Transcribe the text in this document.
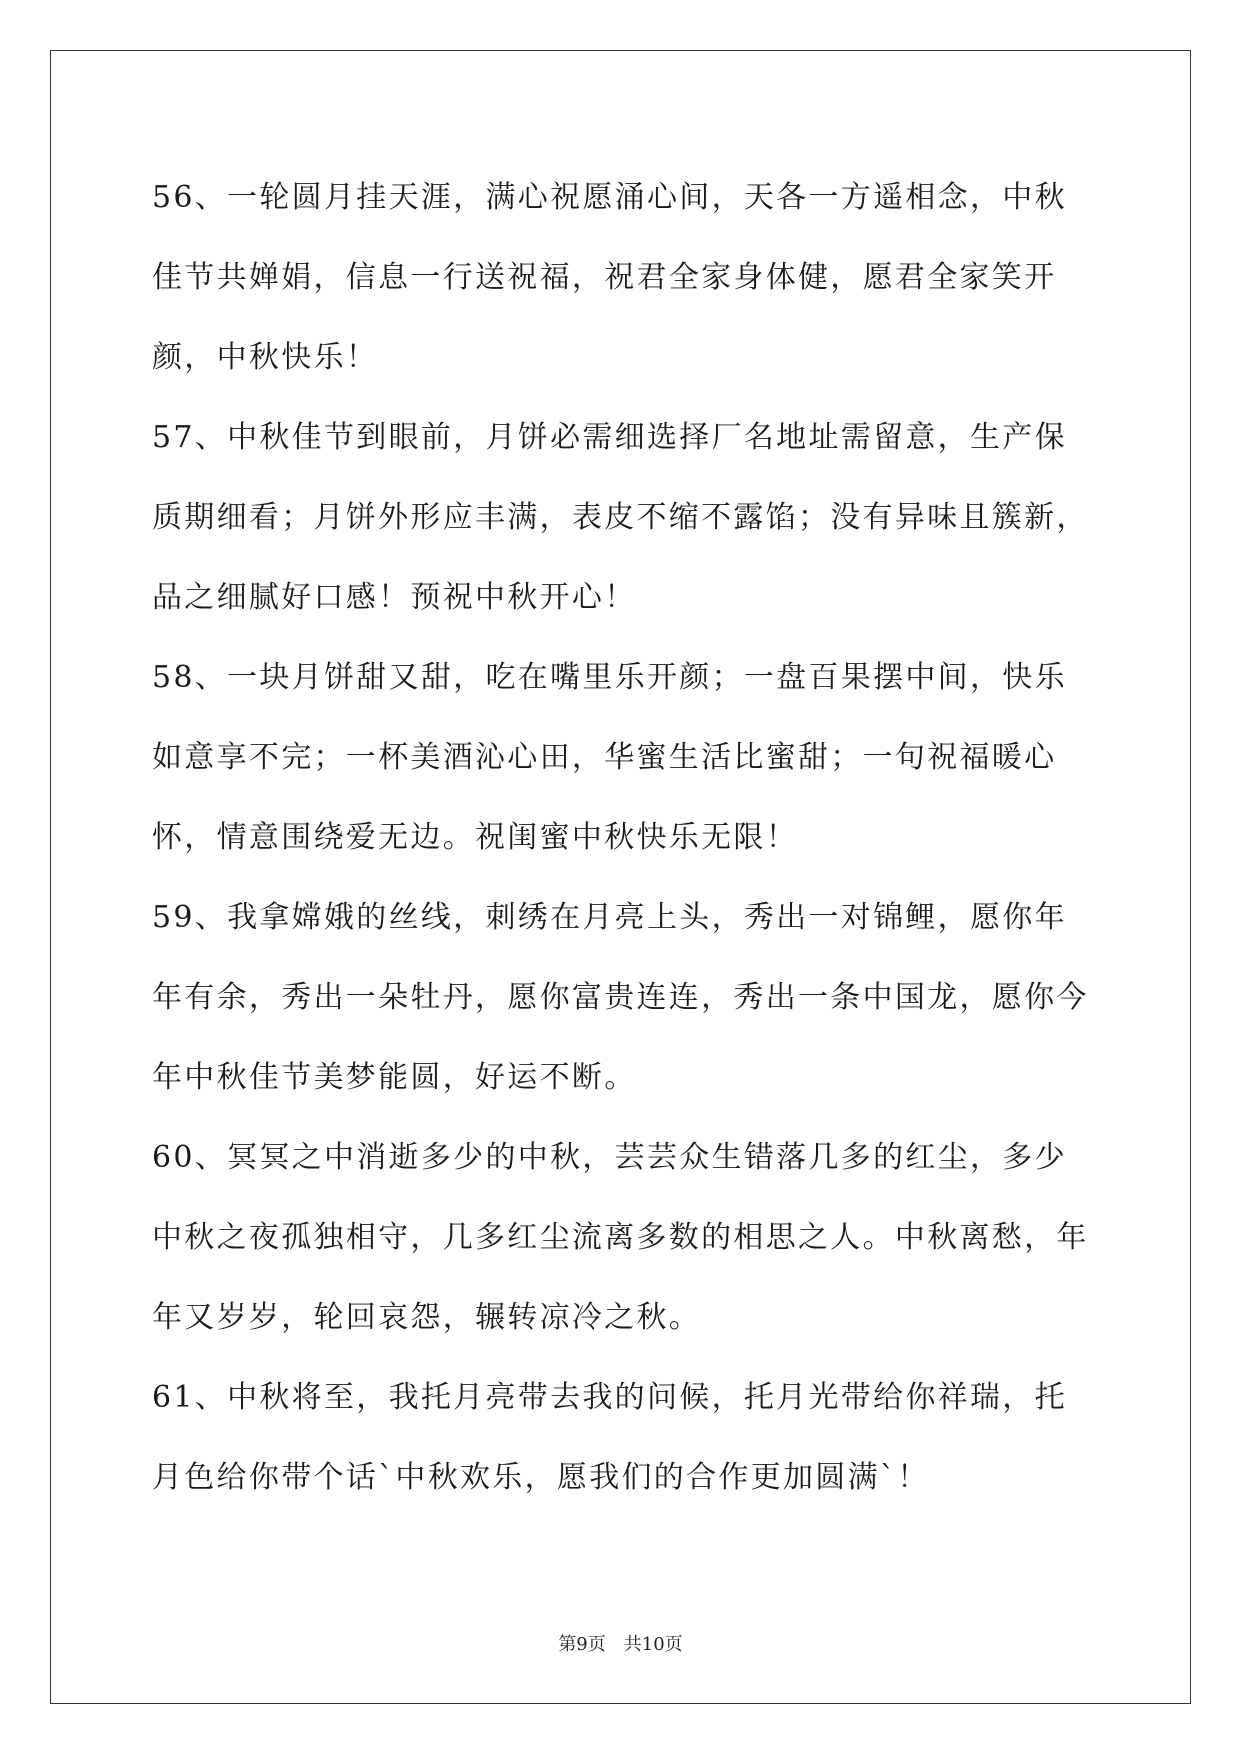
56、一轮圆月挂天涯，满心祝愿涌心间，天各一方遥相念，中秋佳节共婵娟，信息一行送祝福，祝君全家身体健，愿君全家笑开颜，中秋快乐！

57、中秋佳节到眼前，月饼必需细选择厂名地址需留意，生产保质期细看；月饼外形应丰满，表皮不缩不露馅；没有异味且簇新，品之细腻好口感！预祝中秋开心！

58、一块月饼甜又甜，吃在嘴里乐开颜；一盘百果摆中间，快乐如意享不完；一杯美酒沁心田，华蜜生活比蜜甜；一句祝福暖心怀，情意围绕爱无边。祝闺蜜中秋快乐无限！

59、我拿嫦娥的丝线，刺绣在月亮上头，秀出一对锦鲤，愿你年年有余，秀出一朵牡丹，愿你富贵连连，秀出一条中国龙，愿你今年中秋佳节美梦能圆，好运不断。

60、冥冥之中消逝多少的中秋，芸芸众生错落几多的红尘，多少中秋之夜孤独相守，几多红尘流离多数的相思之人。中秋离愁，年年又岁岁，轮回哀怨，辗转凉冷之秋。

61、中秋将至，我托月亮带去我的问候，托月光带给你祥瑞，托月色给你带个话`中秋欢乐，愿我们的合作更加圆满`！

第9页 共10页
